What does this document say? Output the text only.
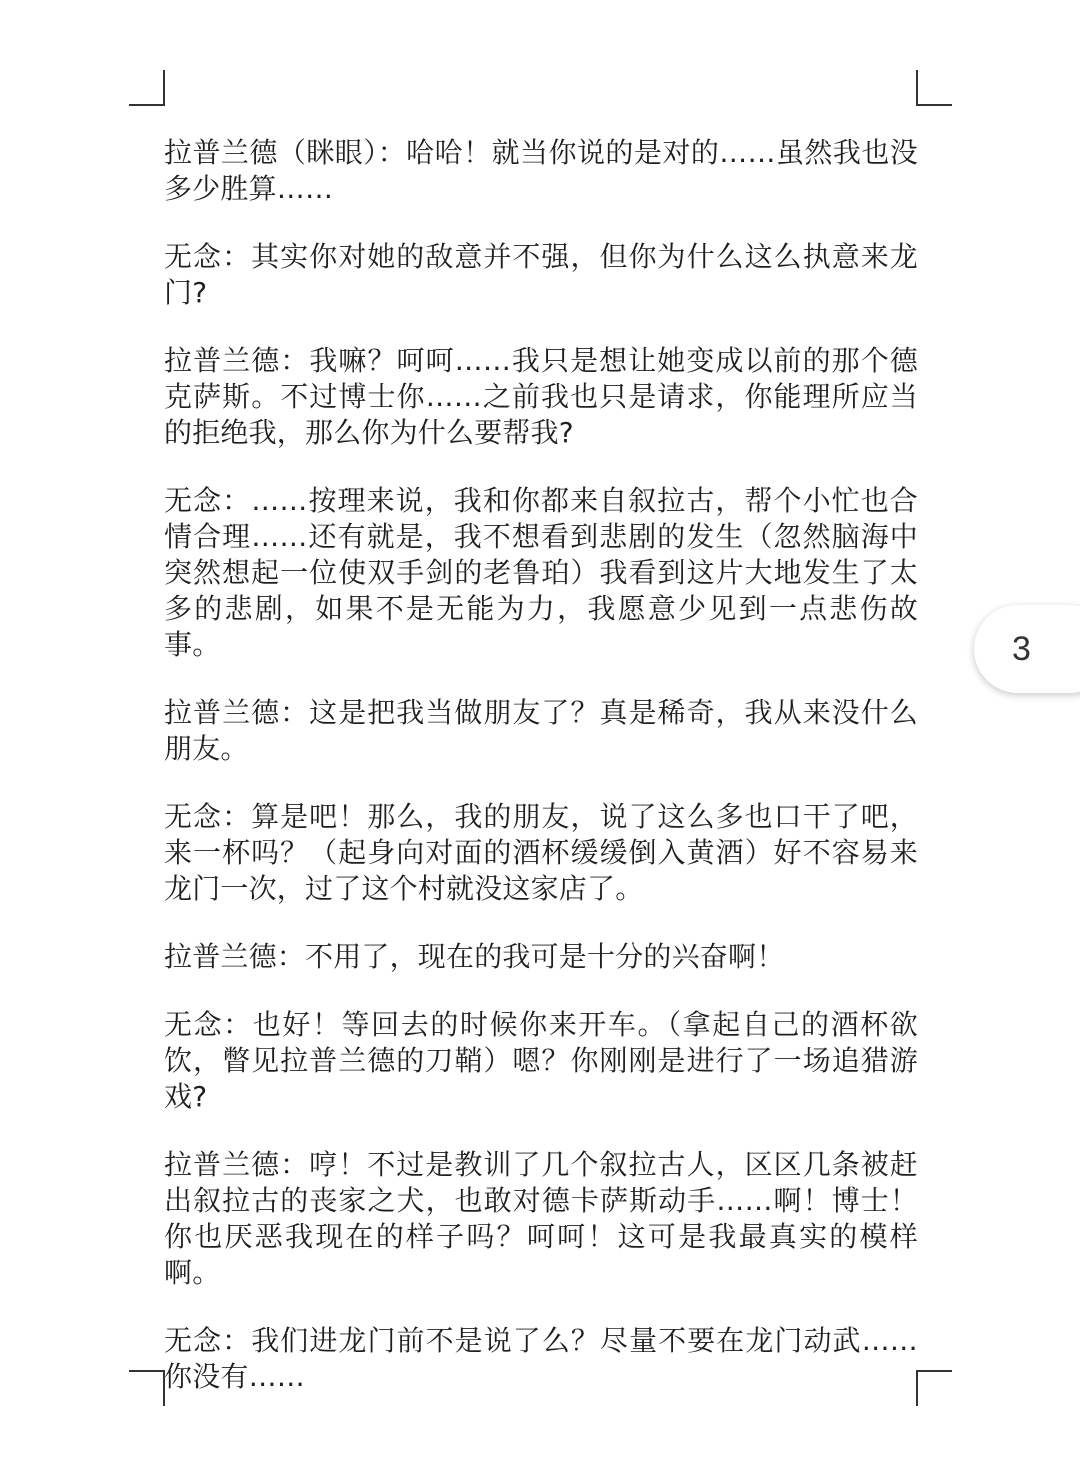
拉普兰德（眯眼）：哈哈！就当你说的是对的……虽然我也没多少胜算……

无念：其实你对她的敌意并不强，但你为什么这么执意来龙门?

拉普兰德：我嘛？呵呵……我只是想让她变成以前的那个德克萨斯。不过博士你……之前我也只是请求，你能理所应当的拒绝我，那么你为什么要帮我?

无念：……按理来说，我和你都来自叙拉古，帮个小忙也合情合理……还有就是，我不想看到悲剧的发生（忽然脑海中突然想起一位使双手剑的老鲁珀）我看到这片大地发生了太多的悲剧，如果不是无能为力，我愿意少见到一点悲伤故事。

拉普兰德：这是把我当做朋友了？真是稀奇，我从来没什么朋友。

无念：算是吧！那么，我的朋友，说了这么多也口干了吧，来一杯吗？（起身向对面的酒杯缓缓倒入黄酒）好不容易来龙门一次，过了这个村就没这家店了。

拉普兰德：不用了，现在的我可是十分的兴奋啊！

无念：也好！等回去的时候你来开车。（拿起自己的酒杯欲饮，瞥见拉普兰德的刀鞘）嗯？你刚刚是进行了一场追猎游戏?

拉普兰德：哼！不过是教训了几个叙拉古人，区区几条被赶出叙拉古的丧家之犬，也敢对德卡萨斯动手……啊！博士！你也厌恶我现在的样子吗？呵呵！这可是我最真实的模样啊。

无念：我们进龙门前不是说了么？尽量不要在龙门动武……你没有……

3
